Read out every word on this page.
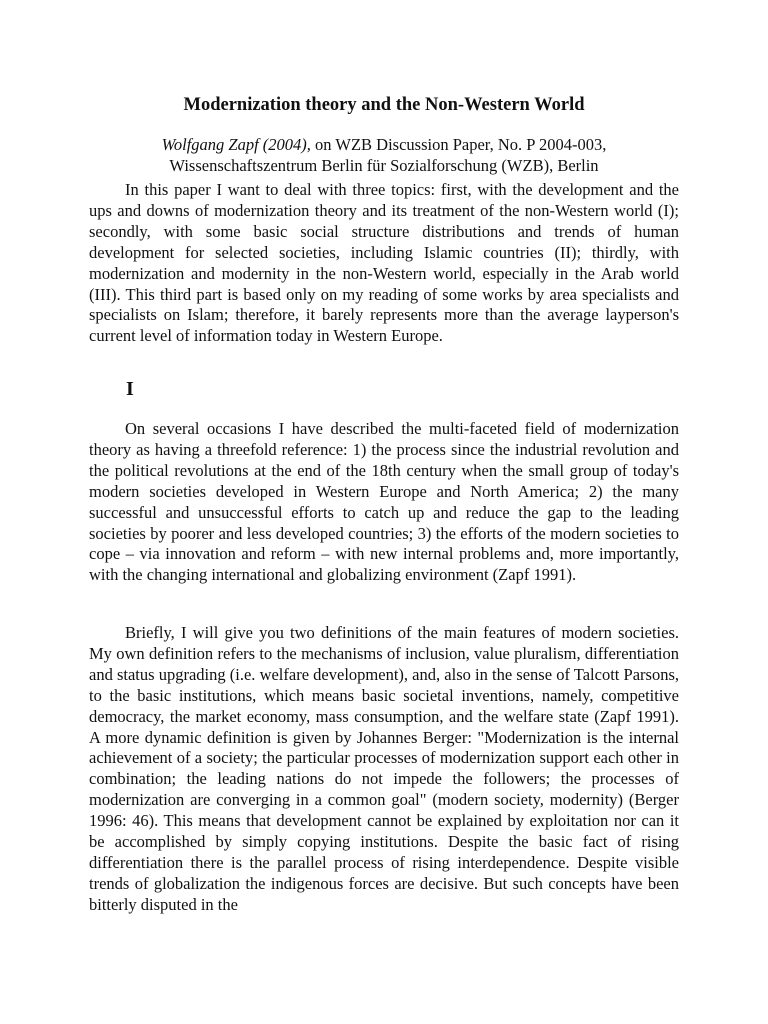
Modernization theory and the Non-Western World

Wolfgang Zapf (2004), on WZB Discussion Paper, No. P 2004-003,
Wissenschaftszentrum Berlin für Sozialforschung (WZB), Berlin

In this paper I want to deal with three topics: first, with the development and the ups and downs of modernization theory and its treatment of the non-Western world (I); secondly, with some basic social structure distributions and trends of human development for selected societies, including Islamic countries (II); thirdly, with modernization and modernity in the non-Western world, especially in the Arab world (III). This third part is based only on my reading of some works by area specialists and specialists on Islam; therefore, it barely represents more than the average layperson's current level of information today in Western Europe.

I

On several occasions I have described the multi-faceted field of modernization theory as having a threefold reference: 1) the process since the industrial revolution and the political revolutions at the end of the 18th century when the small group of today's modern societies developed in Western Europe and North America; 2) the many successful and unsuccessful efforts to catch up and reduce the gap to the leading societies by poorer and less developed countries; 3) the efforts of the modern societies to cope – via innovation and reform – with new internal problems and, more importantly, with the changing international and globalizing environment (Zapf 1991).

Briefly, I will give you two definitions of the main features of modern societies. My own definition refers to the mechanisms of inclusion, value pluralism, differentiation and status upgrading (i.e. welfare development), and, also in the sense of Talcott Parsons, to the basic institutions, which means basic societal inventions, namely, competitive democracy, the market economy, mass consumption, and the welfare state (Zapf 1991). A more dynamic definition is given by Johannes Berger: "Modernization is the internal achievement of a society; the particular processes of modernization support each other in combination; the leading nations do not impede the followers; the processes of modernization are converging in a common goal" (modern society, modernity) (Berger 1996: 46). This means that development cannot be explained by exploitation nor can it be accomplished by simply copying institutions. Despite the basic fact of rising differentiation there is the parallel process of rising interdependence. Despite visible trends of globalization the indigenous forces are decisive. But such concepts have been bitterly disputed in the
